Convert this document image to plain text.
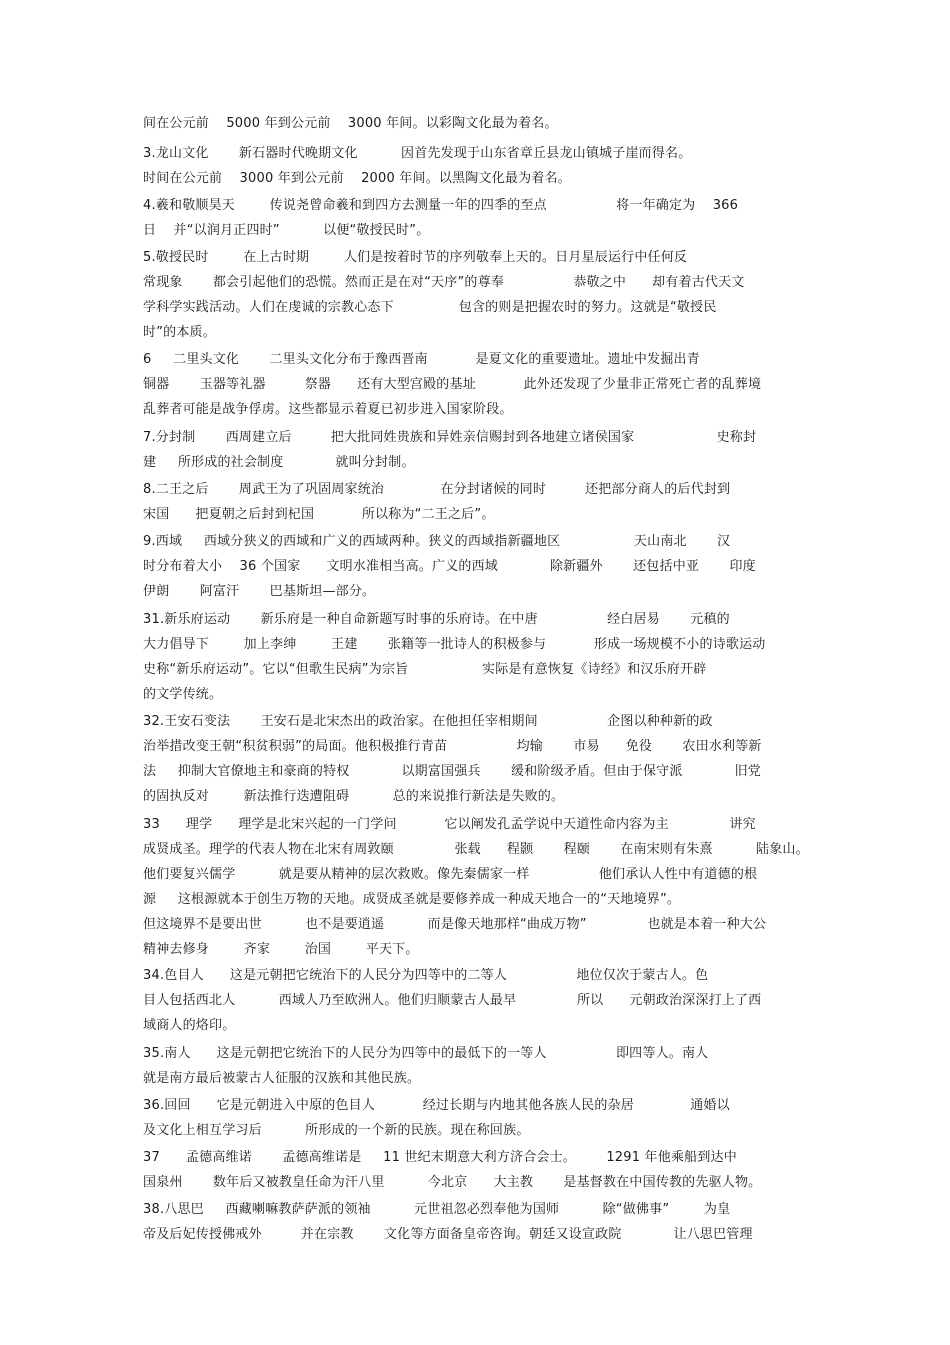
间在公元前    5000 年到公元前    3000 年间。以彩陶文化最为着名。
3.龙山文化       新石器时代晚期文化          因首先发现于山东省章丘县龙山镇城子崖而得名。
时间在公元前    3000 年到公元前    2000 年间。以黑陶文化最为着名。
4.羲和敬顺昊天        传说尧曾命羲和到四方去测量一年的四季的至点                将一年确定为    366
日    并“以润月正四时”          以便“敬授民时”。
5.敬授民时        在上古时期        人们是按着时节的序列敬奉上天的。日月星辰运行中任何反
常现象       都会引起他们的恐慌。然而正是在对“天序”的尊奉                恭敬之中      却有着古代天文
学科学实践活动。人们在虔诚的宗教心态下               包含的则是把握农时的努力。这就是“敬授民
时”的本质。
6     二里头文化       二里头文化分布于豫西晋南           是夏文化的重要遗址。遗址中发掘出青
铜器       玉器等礼器         祭器      还有大型宫殿的基址           此外还发现了少量非正常死亡者的乱葬境
乱葬者可能是战争俘虏。这些都显示着夏已初步进入国家阶段。
7.分封制       西周建立后         把大批同姓贵族和异姓亲信赐封到各地建立诸侯国家                   史称封
建     所形成的社会制度            就叫分封制。
8.二王之后       周武王为了巩固周家统治             在分封诸候的同时         还把部分商人的后代封到
宋国      把夏朝之后封到杞国           所以称为“二王之后”。
9.西域     西域分狭义的西域和广义的西域两种。狭义的西域指新疆地区                 天山南北       汉
时分布着大小    36 个国家      文明水准相当高。广义的西域            除新疆外       还包括中亚       印度
伊朗       阿富汗       巴基斯坦—部分。
31.新乐府运动       新乐府是一种自命新题写时事的乐府诗。在中唐                经白居易       元稹的
大力倡导下        加上李绅        王建       张籍等一批诗人的积极参与           形成一场规模不小的诗歌运动
史称“新乐府运动”。它以“但歌生民病”为宗旨                 实际是有意恢复《诗经》和汉乐府开辟
的文学传统。
32.王安石变法       王安石是北宋杰出的政治家。在他担任宰相期间                企图以种种新的政
治举措改变王朝“积贫积弱”的局面。他积极推行青苗                均输       市易      免役       农田水利等新
法     抑制大官僚地主和豪商的特权            以期富国强兵       缓和阶级矛盾。但由于保守派            旧党
的固执反对        新法推行迭遭阻碍          总的来说推行新法是失败的。
33      理学      理学是北宋兴起的一门学问           它以阐发孔孟学说中天道性命内容为主              讲究
成贤成圣。理学的代表人物在北宋有周敦颐              张载      程颢       程颐       在南宋则有朱熹          陆象山。
他们要复兴儒学          就是要从精神的层次救败。像先秦儒家一样                他们承认人性中有道德的根
源     这根源就本于创生万物的天地。成贤成圣就是要修养成一种成天地合一的“天地境界”。
但这境界不是要出世          也不是要逍遥          而是像天地那样“曲成万物”              也就是本着一种大公
精神去修身        齐家        治国        平天下。
34.色目人      这是元朝把它统治下的人民分为四等中的二等人                地位仅次于蒙古人。色
目人包括西北人          西域人乃至欧洲人。他们归顺蒙古人最早              所以      元朝政治深深打上了西
域商人的烙印。
35.南人      这是元朝把它统治下的人民分为四等中的最低下的一等人                即四等人。南人
就是南方最后被蒙古人征服的汉族和其他民族。
36.回回      它是元朝进入中原的色目人           经过长期与内地其他各族人民的杂居             通婚以
及文化上相互学习后          所形成的一个新的民族。现在称回族。
37      孟德高维诺       孟德高维诺是     11 世纪末期意大利方济合会士。       1291 年他乘船到达中
国泉州       数年后又被教皇任命为汗八里          今北京      大主教       是基督教在中国传教的先驱人物。
38.八思巴     西藏喇嘛教萨萨派的领袖          元世祖忽必烈奉他为国师          除“做佛事”        为皇
帝及后妃传授佛戒外         并在宗教       文化等方面备皇帝咨询。朝廷又设宣政院            让八思巴管理
